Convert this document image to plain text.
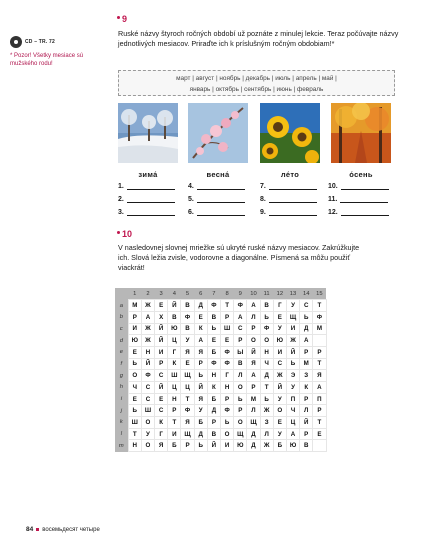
CD – TR. 72
* Pozor! Všetky mesiace sú mužského rodu!
9
Ruské názvy štyroch ročných období už poznáte z minulej lekcie. Teraz počúvajte názvy jednotlivých mesiacov. Priraďte ich k príslušným ročným obdobiam!*
март | август | ноябрь | декабрь | июль | апрель | май |
январь | октябрь | сентябрь | июнь | февраль
зима́	весна́	ле́то	о́сень
1.
2.
3.
4.
5.
6.
7.
8.
9.
10.
11.
12.
10
V nasledovnej slovnej mriežke sú ukryté ruské názvy mesiacov. Zakrúžkujte ich. Slová ležia zvisle, vodorovne a diagonálne. Písmená sa môžu použiť viackrát!
	1	2	3	4	5	6	7	8	9	10	11	12	13	14	15
a	М	Ж	Е	Й	В	Д	Ф	Т	Ф	А	В	Г	У	С	Т
b	Р	А	Х	В	Ф	Е	В	Р	А	Л	Ь	Е	Щ	Ь	Ф
c	И	Ж	Й	Ю	В	К	Ь	Ш	С	Р	Ф	У	И	Д	М
d	Ю	Ж	Й	Ц	У	А	Е	Е	Р	О	О	Ю	Ж	А	
e	Е	Н	И	Г	Я	Я	Б	Ф	Ы	Й	Н	И	Й	Р	Р
f	Ь	Й	Р	К	Е	Р	Ф	Ф	В	Я	Ч	С	Ь	М	Т
g	О	Ф	С	Ш	Щ	Ь	Н	Г	Л	А	Д	Ж	Э	З	Я
h	Ч	С	Й	Ц	Ц	Й	К	Н	О	Р	Т	Й	У	К	А
i	Е	С	Е	Н	Т	Я	Б	Р	Ь	М	Ь	У	П	Р	П
j	Ь	Ш	С	Р	Ф	У	Д	Ф	Р	Л	Ж	О	Ч	Л	Р
k	Ш	О	К	Т	Я	Б	Р	Ь	О	Щ	З	Е	Ц	Й	Т
l	Т	У	Г	И	Щ	Д	В	О	Щ	Д	Л	У	А	Р	Е
m	Н	О	Я	Б	Р	Ь	Й	И	Ю	Д	Ж	Б	Ю	В	
84 восемьдесят четыре
